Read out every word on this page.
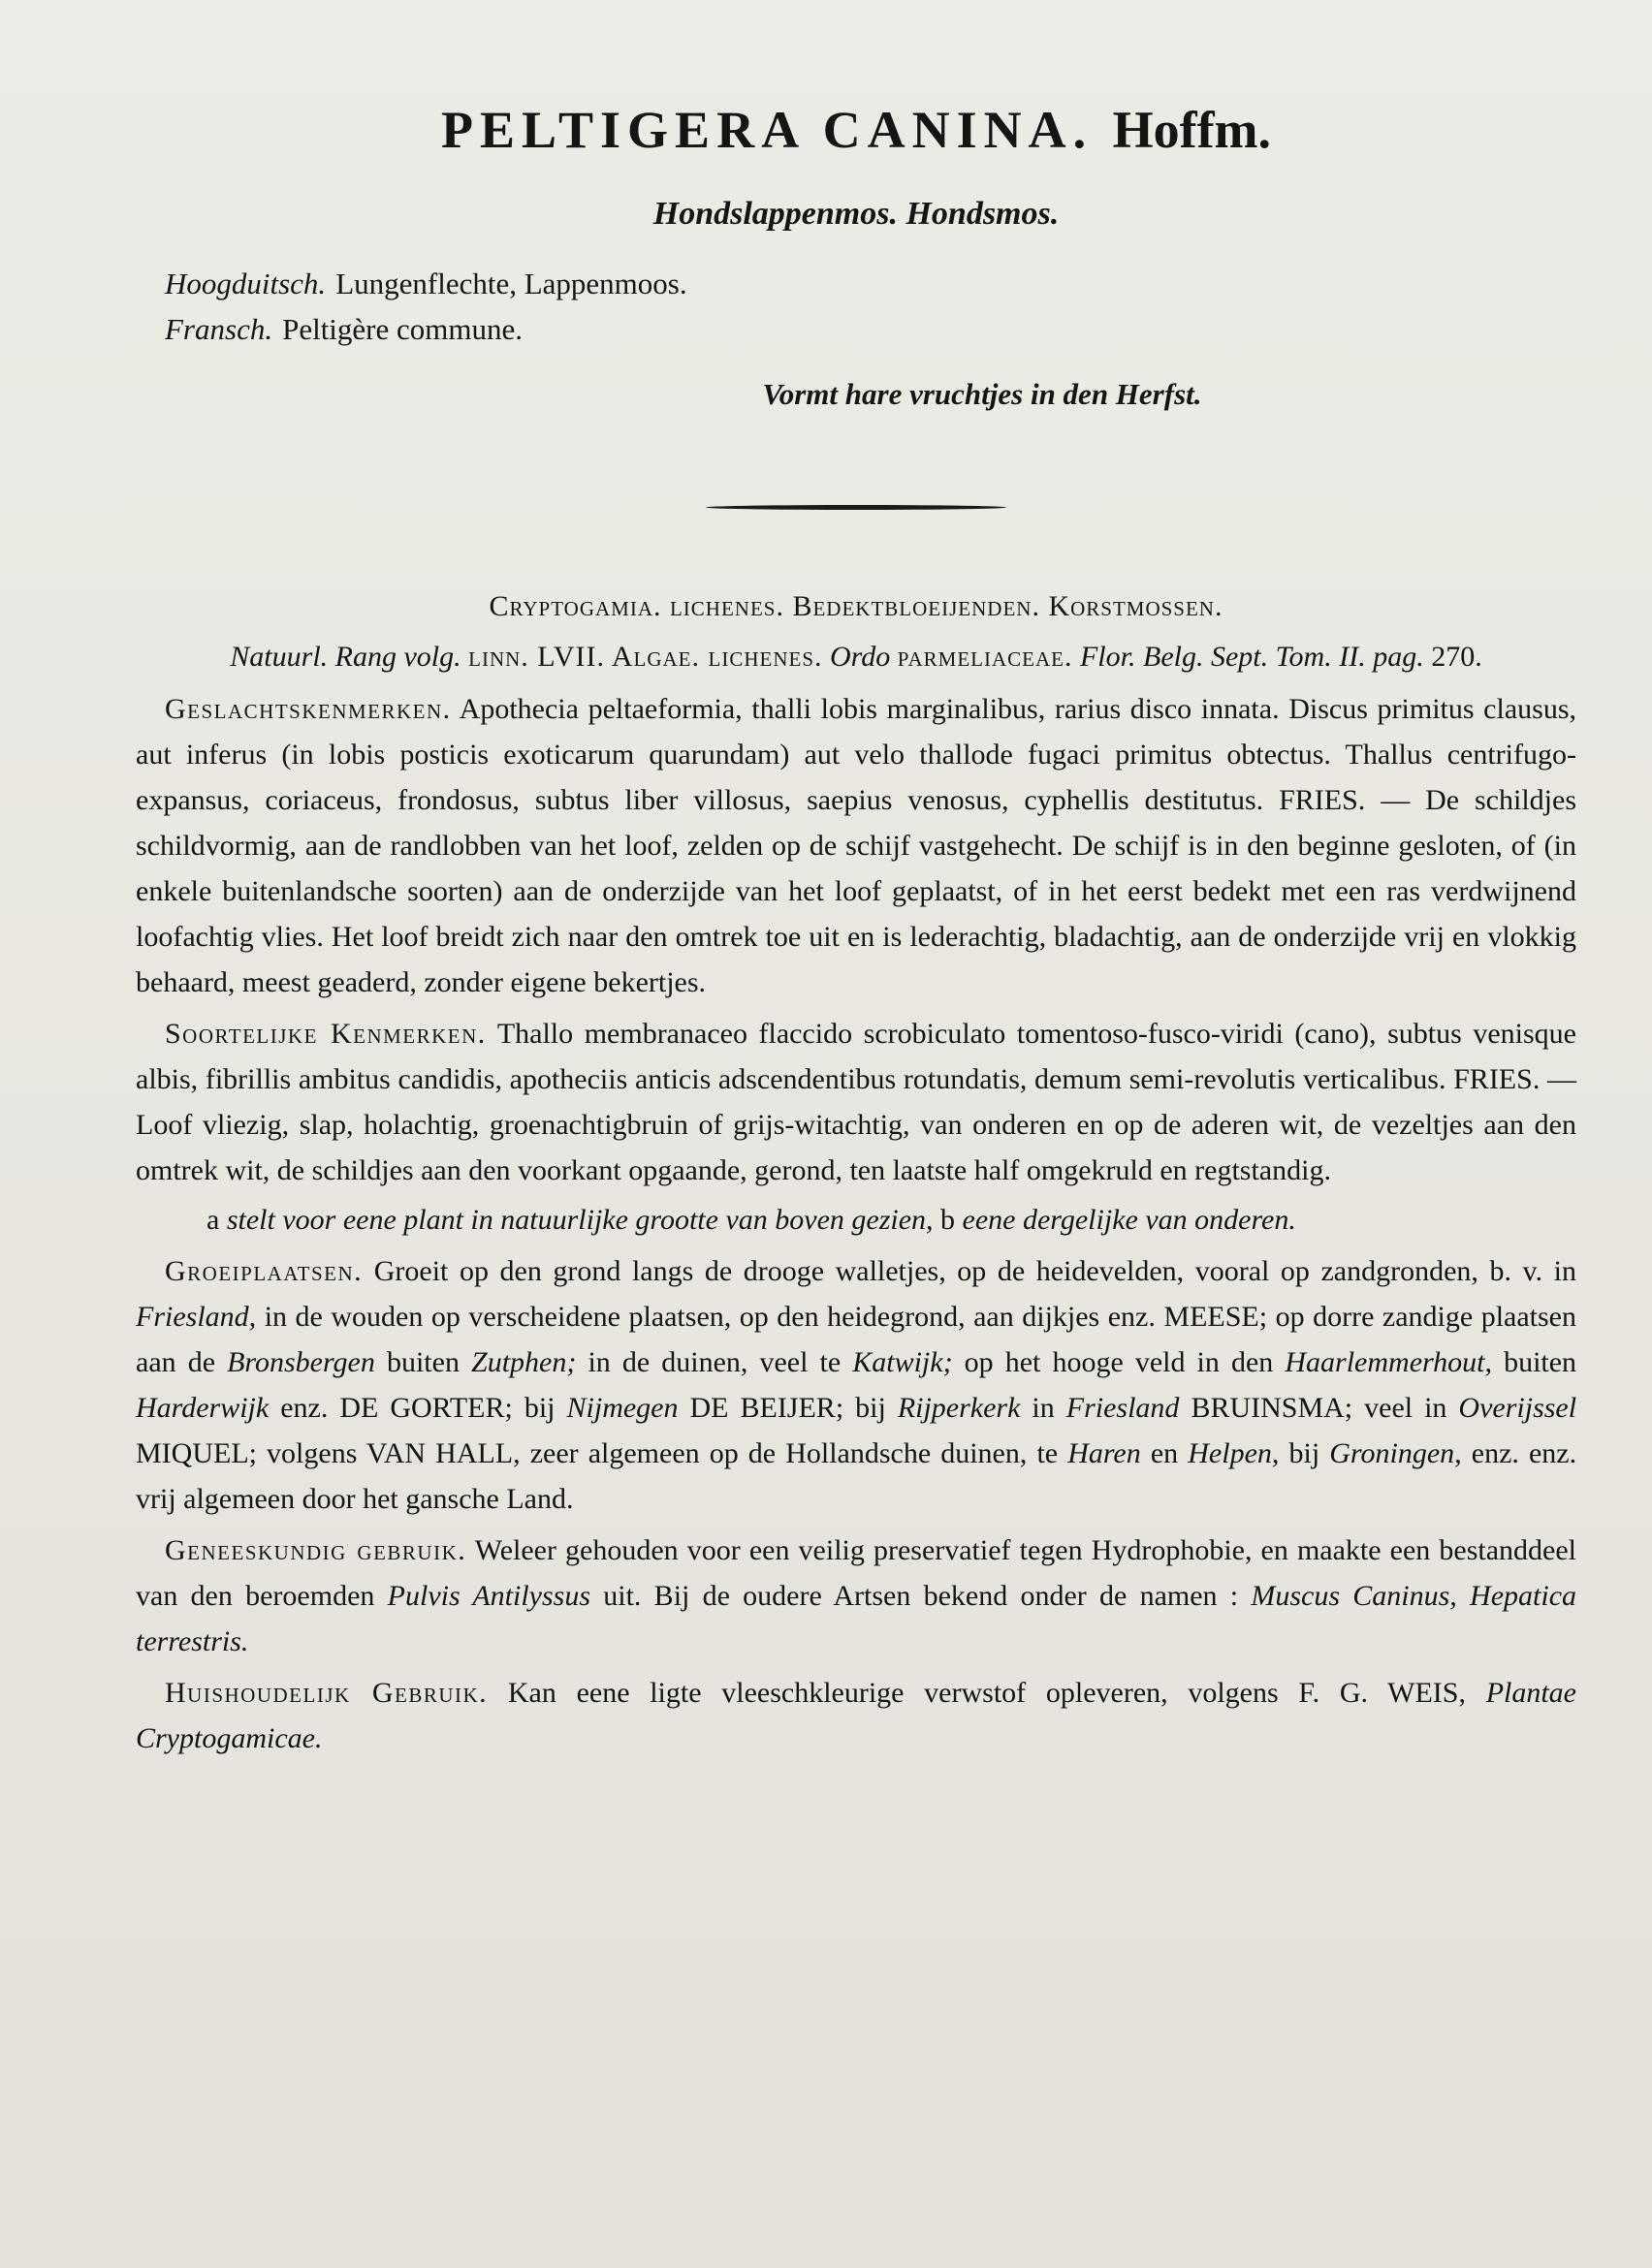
PELTIGERA CANINA. Hoffm.
Hondslappenmos. Hondsmos.
Hoogduitsch. Lungenflechte, Lappenmoos.
Fransch. Peltigère commune.
Vormt hare vruchtjes in den Herfst.
Cryptogamia. lichenes. Bedektbloeijenden. Korstmossen.
Natuurl. Rang volg. linn. LVII. Algae. lichenes. Ordo parmeliaceae. Flor. Belg. Sept. Tom. II. pag. 270.

Geslachtskenmerken. Apothecia peltaeformia, thalli lobis marginalibus, rarius disco innata. Discus primitus clausus, aut inferus (in lobis posticis exoticarum quarundam) aut velo thallode fugaci primitus obtectus. Thallus centrifugo-expansus, coriaceus, frondosus, subtus liber villosus, saepius venosus, cyphellis destitutus. FRIES. — De schildjes schildvormig, aan de randlobben van het loof, zelden op de schijf vastgehecht. De schijf is in den beginne gesloten, of (in enkele buitenlandsche soorten) aan de onderzijde van het loof geplaatst, of in het eerst bedekt met een ras verdwijnend loofachtig vlies. Het loof breidt zich naar den omtrek toe uit en is lederachtig, bladachtig, aan de onderzijde vrij en vlokkig behaard, meest geaderd, zonder eigene bekertjes.

Soortelijke Kenmerken. Thallo membranaceo flaccido scrobiculato tomentoso-fusco-viridi (cano), subtus venisque albis, fibrillis ambitus candidis, apotheciis anticis adscendentibus rotundatis, demum semi-revolutis verticalibus. FRIES. — Loof vliezig, slap, holachtig, groenachtigbruin of grijs-witachtig, van onderen en op de aderen wit, de vezeltjes aan den omtrek wit, de schildjes aan den voorkant opgaande, gerond, ten laatste half omgekruld en regtstandig.

a stelt voor eene plant in natuurlijke grootte van boven gezien, b eene dergelijke van onderen.

Groeiplaatsen. Groeit op den grond langs de drooge walletjes, op de heidevelden, vooral op zandgronden, b. v. in Friesland, in de wouden op verscheidene plaatsen, op den heidegrond, aan dijkjes enz. MEESE; op dorre zandige plaatsen aan de Bronsbergen buiten Zutphen; in de duinen, veel te Katwijk; op het hooge veld in den Haarlemmerhout, buiten Harderwijk enz. DE GORTER; bij Nijmegen DE BEIJER; bij Rijperkerk in Friesland BRUINSMA; veel in Overijssel MIQUEL; volgens VAN HALL, zeer algemeen op de Hollandsche duinen, te Haren en Helpen, bij Groningen, enz. enz. vrij algemeen door het gansche Land.

Geneeskundig gebruik. Weleer gehouden voor een veilig preservatief tegen Hydrophobie, en maakte een bestanddeel van den beroemden Pulvis Antilyssus uit. Bij de oudere Artsen bekend onder de namen : Muscus Caninus, Hepatica terrestris.

Huishoudelijk Gebruik. Kan eene ligte vleeschkleurige verwstof opleveren, volgens F. G. WEIS, Plantae Cryptogamicae.
